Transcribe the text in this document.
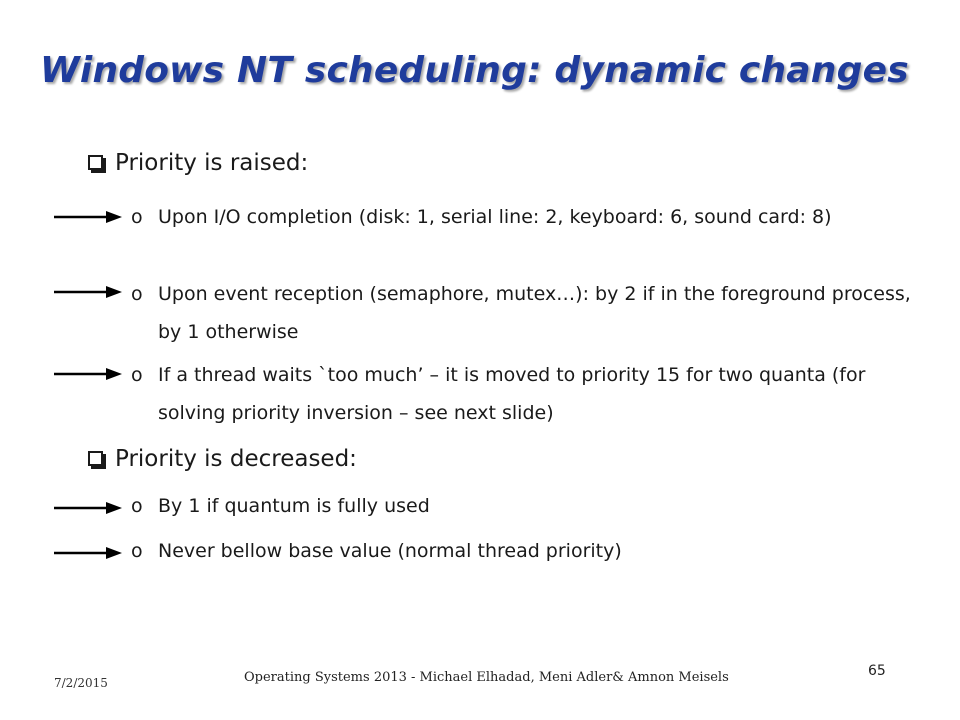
Windows NT scheduling: dynamic changes
Priority is raised:
o Upon I/O completion (disk: 1, serial line: 2, keyboard: 6, sound card: 8)
o Upon event reception (semaphore, mutex…): by 2 if in the foreground process, by 1 otherwise
o If a thread waits `too much’ – it is moved to priority 15 for two quanta (for solving priority inversion – see next slide)
Priority is decreased:
o By 1 if quantum is fully used
o Never bellow base value (normal thread priority)
7/2/2015	Operating Systems 2013 - Michael Elhadad, Meni Adler& Amnon Meisels	65
